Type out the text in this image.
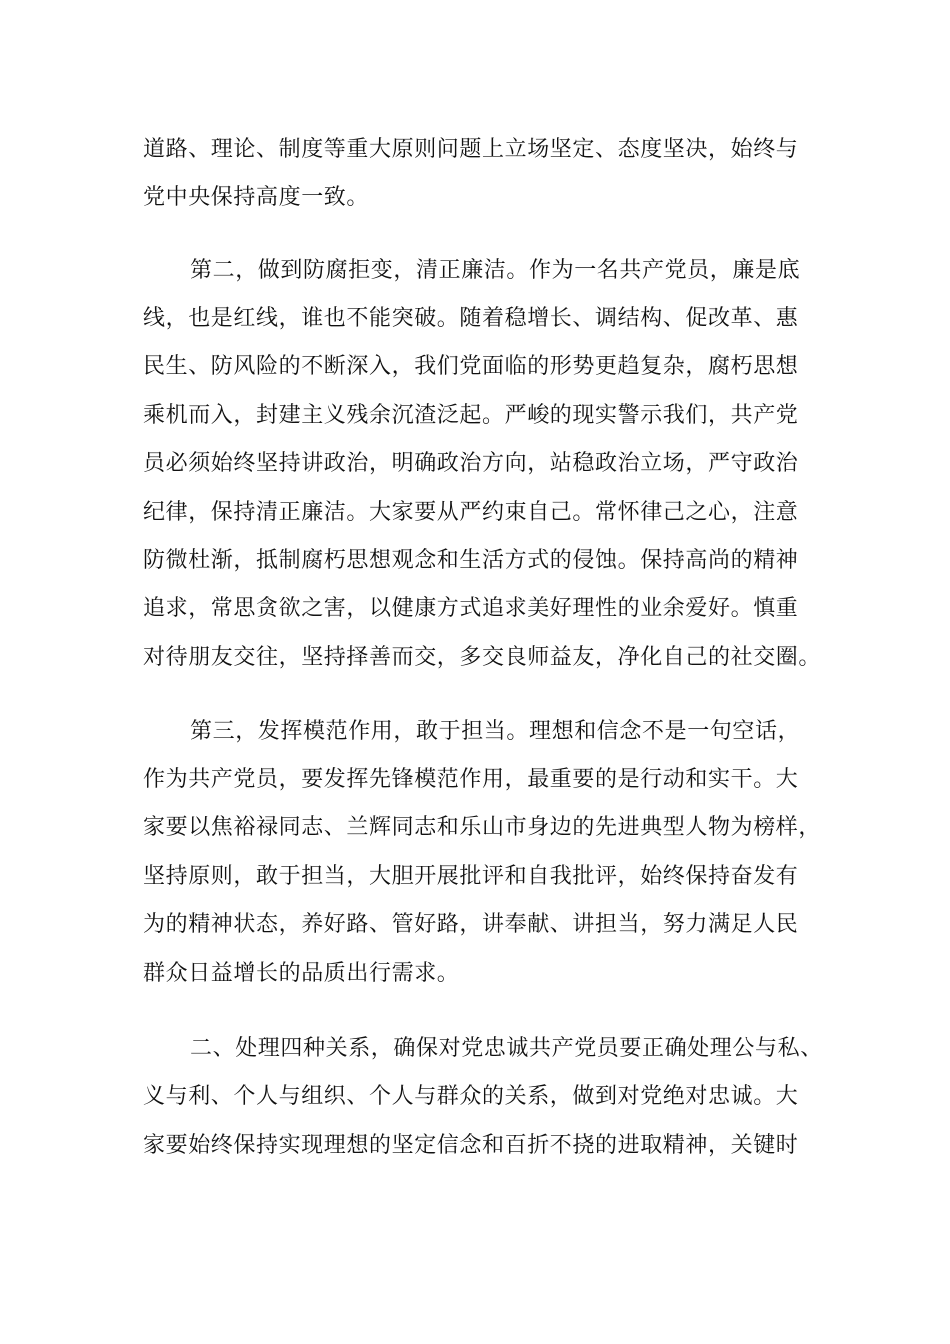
道路、理论、制度等重大原则问题上立场坚定、态度坚决，始终与
党中央保持高度一致。
第二，做到防腐拒变，清正廉洁。作为一名共产党员，廉是底
线，也是红线，谁也不能突破。随着稳增长、调结构、促改革、惠
民生、防风险的不断深入，我们党面临的形势更趋复杂，腐朽思想
乘机而入，封建主义残余沉渣泛起。严峻的现实警示我们，共产党
员必须始终坚持讲政治，明确政治方向，站稳政治立场，严守政治
纪律，保持清正廉洁。大家要从严约束自己。常怀律己之心，注意
防微杜渐，抵制腐朽思想观念和生活方式的侵蚀。保持高尚的精神
追求，常思贪欲之害，以健康方式追求美好理性的业余爱好。慎重
对待朋友交往，坚持择善而交，多交良师益友，净化自己的社交圈。
第三，发挥模范作用，敢于担当。理想和信念不是一句空话，
作为共产党员，要发挥先锋模范作用，最重要的是行动和实干。大
家要以焦裕禄同志、兰辉同志和乐山市身边的先进典型人物为榜样，
坚持原则，敢于担当，大胆开展批评和自我批评，始终保持奋发有
为的精神状态，养好路、管好路，讲奉献、讲担当，努力满足人民
群众日益增长的品质出行需求。
二、处理四种关系，确保对党忠诚共产党员要正确处理公与私、
义与利、个人与组织、个人与群众的关系，做到对党绝对忠诚。大
家要始终保持实现理想的坚定信念和百折不挠的进取精神，关键时
